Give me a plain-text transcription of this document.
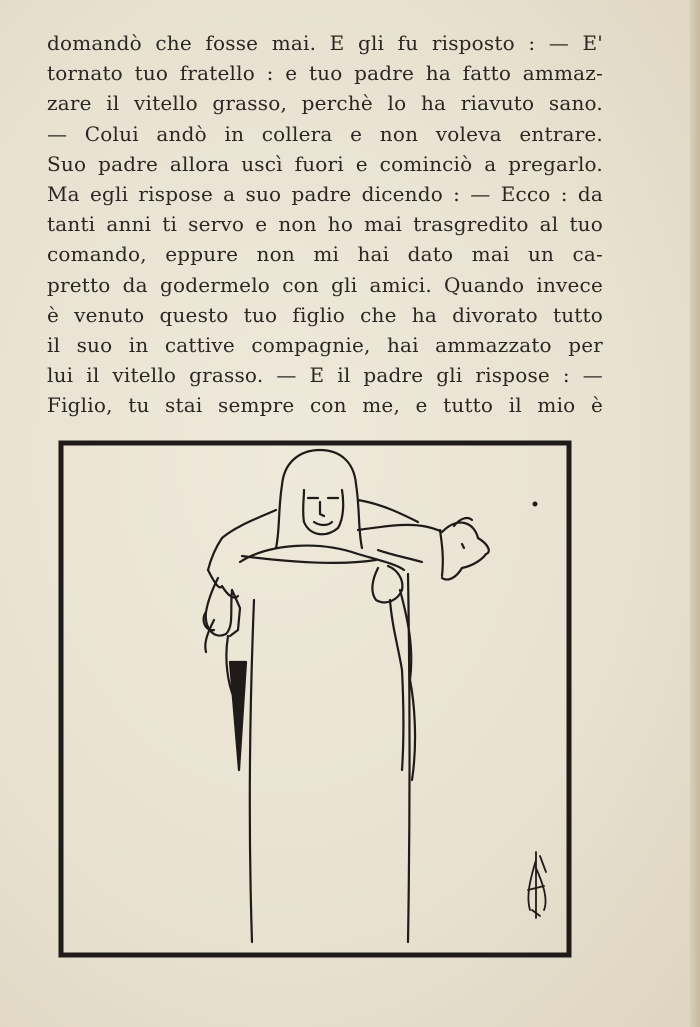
domandò che fosse mai. E gli fu risposto : — E'
tornato tuo fratello : e tuo padre ha fatto ammaz-
zare il vitello grasso, perchè lo ha riavuto sano.
— Colui andò in collera e non voleva entrare.
Suo padre allora uscì fuori e cominciò a pregarlo.
Ma egli rispose a suo padre dicendo : — Ecco : da
tanti anni ti servo e non ho mai trasgredito al tuo
comando, eppure non mi hai dato mai un ca-
pretto da godermelo con gli amici. Quando invece
è venuto questo tuo figlio che ha divorato tutto
il suo in cattive compagnie, hai ammazzato per
lui il vitello grasso. — E il padre gli rispose : —
Figlio, tu stai sempre con me, e tutto il mio è
